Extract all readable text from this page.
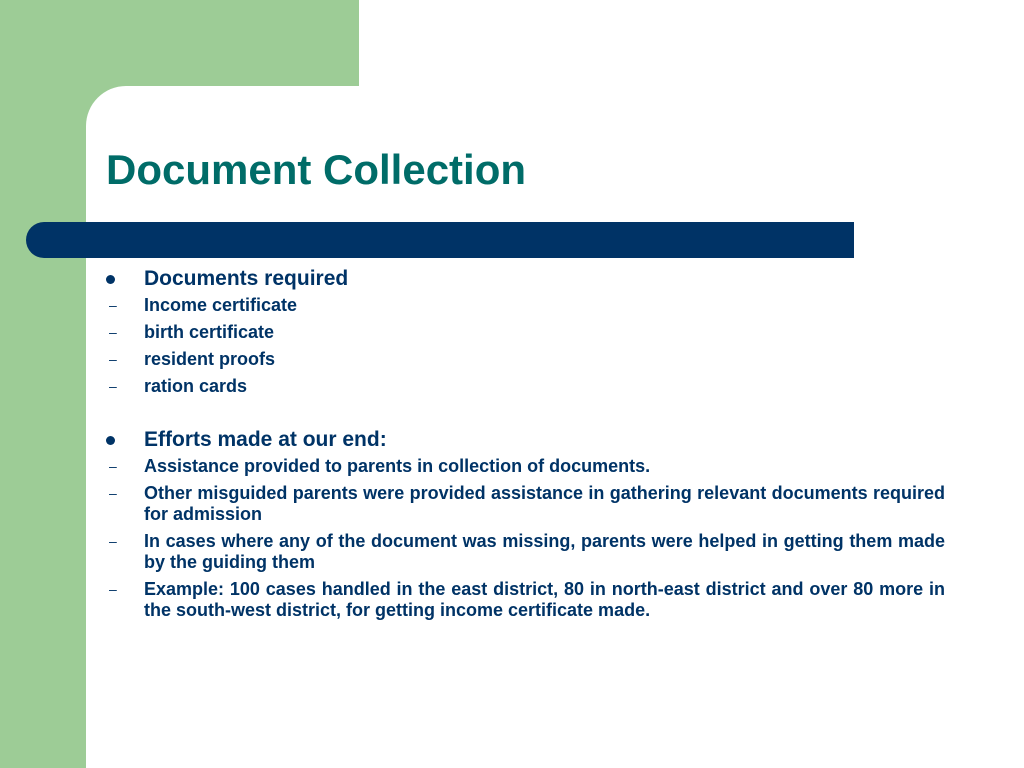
Document Collection
Documents required
– Income certificate
– birth certificate
– resident proofs
– ration cards
Efforts made at our end:
– Assistance provided to parents in collection of documents.
– Other misguided parents were provided assistance in gathering relevant documents required for admission
– In cases where any of the document was missing, parents were helped in getting them made by the guiding them
– Example: 100 cases handled in the east district, 80 in north-east district and over 80 more in the south-west district, for getting income certificate made.
